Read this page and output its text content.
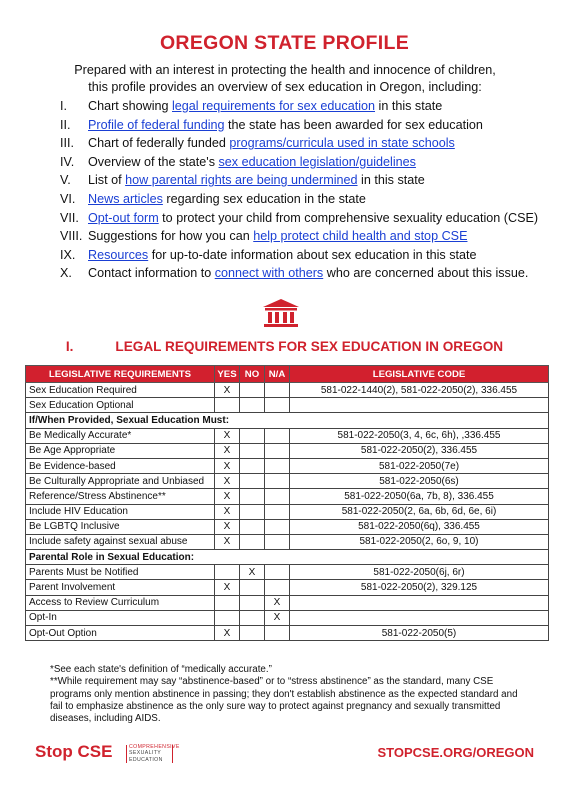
OREGON STATE PROFILE
Prepared with an interest in protecting the health and innocence of children,
this profile provides an overview of sex education in Oregon, including:
I. Chart showing legal requirements for sex education in this state
II. Profile of federal funding the state has been awarded for sex education
III. Chart of federally funded programs/curricula used in state schools
IV. Overview of the state's sex education legislation/guidelines
V. List of how parental rights are being undermined in this state
VI. News articles regarding sex education in the state
VII. Opt-out form to protect your child from comprehensive sexuality education (CSE)
VIII. Suggestions for how you can help protect child health and stop CSE
IX. Resources for up-to-date information about sex education in this state
X. Contact information to connect with others who are concerned about this issue.
I.	LEGAL REQUIREMENTS FOR SEX EDUCATION IN OREGON
LEGISLATIVE REQUIREMENTS	YES	NO	N/A	LEGISLATIVE CODE
Sex Education Required	X			581-022-1440(2), 581-022-2050(2), 336.455
Sex Education Optional				
If/When Provided, Sexual Education Must:				
Be Medically Accurate*	X			581-022-2050(3, 4, 6c, 6h), ,336.455
Be Age Appropriate	X			581-022-2050(2), 336.455
Be Evidence-based	X			581-022-2050(7e)
Be Culturally Appropriate and Unbiased	X			581-022-2050(6s)
Reference/Stress Abstinence**	X			581-022-2050(6a, 7b, 8), 336.455
Include HIV Education	X			581-022-2050(2, 6a, 6b, 6d, 6e, 6i)
Be LGBTQ Inclusive	X			581-022-2050(6q), 336.455
Include safety against sexual abuse	X			581-022-2050(2, 6o, 9, 10)
Parental Role in Sexual Education:				
Parents Must be Notified		X		581-022-2050(6j, 6r)
Parent Involvement	X			581-022-2050(2), 329.125
Access to Review Curriculum			X	
Opt-In			X	
Opt-Out Option	X			581-022-2050(5)

*See each state's definition of “medically accurate.”

**While requirement may say “abstinence-based” or to “stress abstinence” as the standard, many CSE programs only mention abstinence in passing; they don't establish abstinence as the expected standard and fail to emphasize abstinence as the only sure way to protect against pregnancy and sexually transmitted diseases, including AIDS.

Stop CSE	COMPREHENSIVE
SEXUALITY
EDUCATION	STOPCSE.ORG/OREGON
